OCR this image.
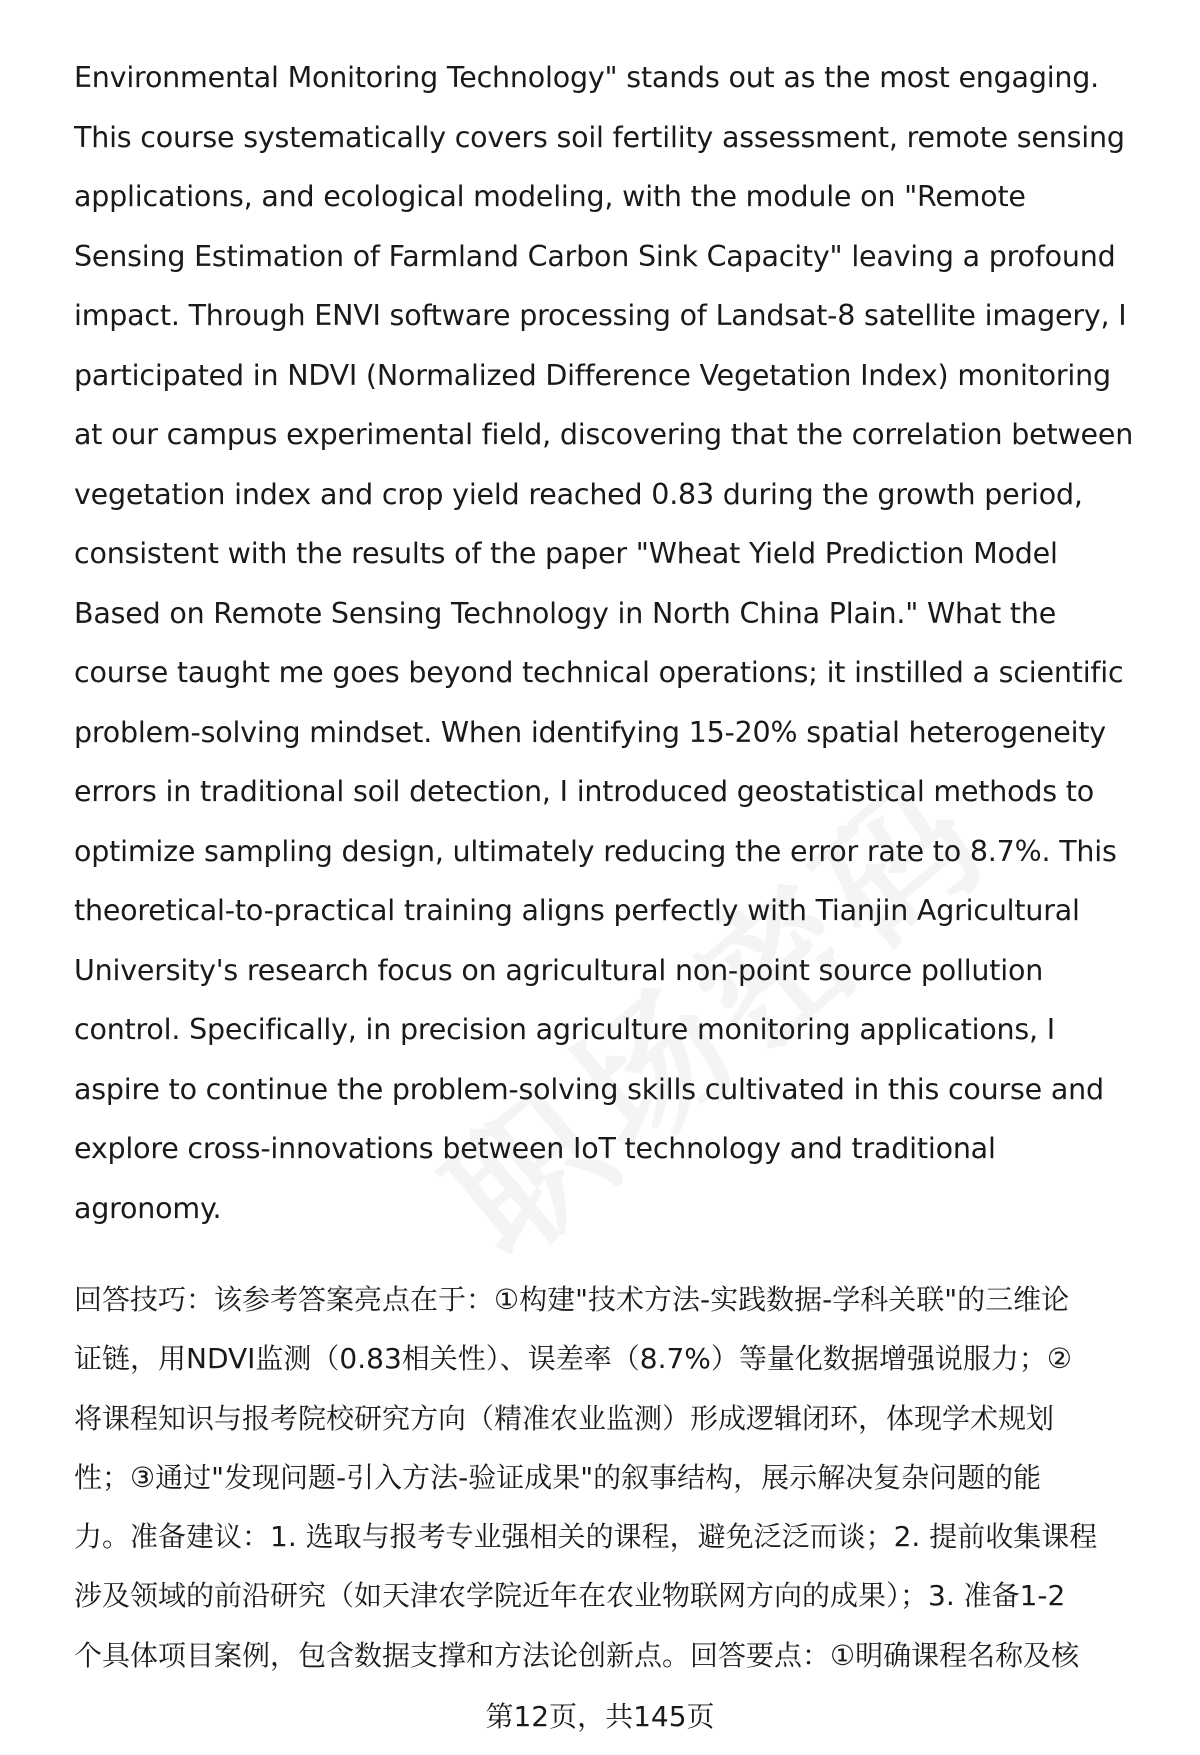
Environmental Monitoring Technology" stands out as the most engaging.
This course systematically covers soil fertility assessment, remote sensing
applications, and ecological modeling, with the module on "Remote
Sensing Estimation of Farmland Carbon Sink Capacity" leaving a profound
impact. Through ENVI software processing of Landsat-8 satellite imagery, I
participated in NDVI (Normalized Difference Vegetation Index) monitoring
at our campus experimental field, discovering that the correlation between
vegetation index and crop yield reached 0.83 during the growth period,
consistent with the results of the paper "Wheat Yield Prediction Model
Based on Remote Sensing Technology in North China Plain." What the
course taught me goes beyond technical operations; it instilled a scientific
problem-solving mindset. When identifying 15-20% spatial heterogeneity
errors in traditional soil detection, I introduced geostatistical methods to
optimize sampling design, ultimately reducing the error rate to 8.7%. This
theoretical-to-practical training aligns perfectly with Tianjin Agricultural
University's research focus on agricultural non-point source pollution
control. Specifically, in precision agriculture monitoring applications, I
aspire to continue the problem-solving skills cultivated in this course and
explore cross-innovations between IoT technology and traditional
agronomy.
回答技巧：该参考答案亮点在于：①构建"技术方法-实践数据-学科关联"的三维论
证链，用NDVI监测（0.83相关性）、误差率（8.7%）等量化数据增强说服力；②
将课程知识与报考院校研究方向（精准农业监测）形成逻辑闭环，体现学术规划
性；③通过"发现问题-引入方法-验证成果"的叙事结构，展示解决复杂问题的能
力。准备建议：1. 选取与报考专业强相关的课程，避免泛泛而谈；2. 提前收集课程
涉及领域的前沿研究（如天津农学院近年在农业物联网方向的成果）；3. 准备1-2
个具体项目案例，包含数据支撑和方法论创新点。回答要点：①明确课程名称及核
第12页，共145页
